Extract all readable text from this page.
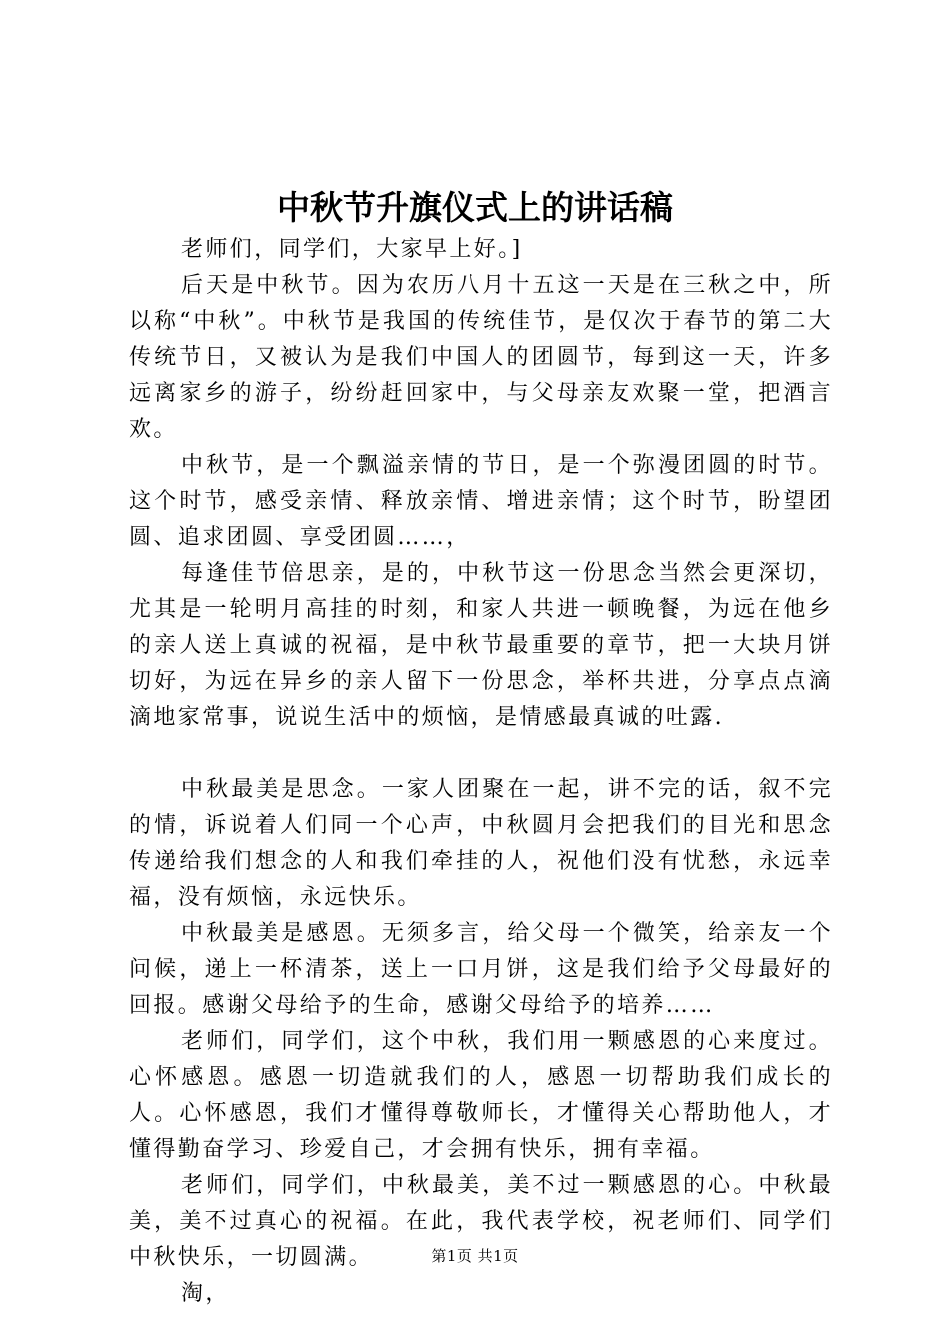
中秋节升旗仪式上的讲话稿

老师们，同学们，大家早上好。]

后天是中秋节。因为农历八月十五这一天是在三秋之中，所以称“中秋”。中秋节是我国的传统佳节，是仅次于春节的第二大传统节日，又被认为是我们中国人的团圆节，每到这一天，许多远离家乡的游子，纷纷赶回家中，与父母亲友欢聚一堂，把酒言欢。

中秋节，是一个飘溢亲情的节日，是一个弥漫团圆的时节。这个时节，感受亲情、释放亲情、增进亲情；这个时节，盼望团圆、追求团圆、享受团圆……，

每逢佳节倍思亲，是的，中秋节这一份思念当然会更深切，尤其是一轮明月高挂的时刻，和家人共进一顿晚餐，为远在他乡的亲人送上真诚的祝福，是中秋节最重要的章节，把一大块月饼切好，为远在异乡的亲人留下一份思念，举杯共进，分享点点滴滴地家常事，说说生活中的烦恼，是情感最真诚的吐露.

中秋最美是思念。一家人团聚在一起，讲不完的话，叙不完的情，诉说着人们同一个心声，中秋圆月会把我们的目光和思念传递给我们想念的人和我们牵挂的人，祝他们没有忧愁，永远幸福，没有烦恼，永远快乐。

中秋最美是感恩。无须多言，给父母一个微笑，给亲友一个问候，递上一杯清茶，送上一口月饼，这是我们给予父母最好的回报。感谢父母给予的生命，感谢父母给予的培养……

老师们，同学们，这个中秋，我们用一颗感恩的心来度过。心怀感恩。感恩一切造就我们的人，感恩一切帮助我们成长的人。心怀感恩，我们才懂得尊敬师长，才懂得关心帮助他人，才懂得勤奋学习、珍爱自己，才会拥有快乐，拥有幸福。

老师们，同学们，中秋最美，美不过一颗感恩的心。中秋最美，美不过真心的祝福。在此，我代表学校，祝老师们、同学们中秋快乐，一切圆满。

淘，

第1页 共1页
